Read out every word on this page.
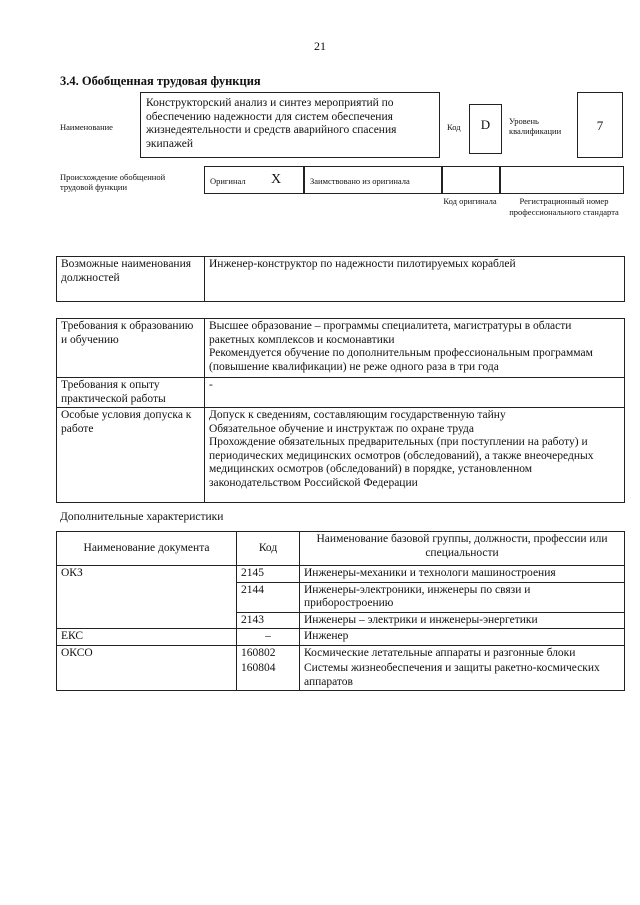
21
3.4. Обобщенная трудовая функция
Наименование
Конструкторский анализ и синтез мероприятий по обеспечению надежности для систем обеспечения жизнедеятельности и средств аварийного спасения экипажей
Код	D	Уровень квалификации	7
Происхождение обобщенной трудовой функции
Оригинал X	Заимствовано из оригинала
Код оригинала	Регистрационный номер профессионального стандарта
Возможные наименования должностей	Инженер-конструктор по надежности пилотируемых кораблей
Требования к образованию и обучению	Высшее образование – программы специалитета, магистратуры в области ракетных комплексов и космонавтики
Рекомендуется обучение по дополнительным профессиональным программам (повышение квалификации) не реже одного раза в три года

Требования к опыту практической работы	-
Особые условия допуска к работе	Допуск к сведениям, составляющим государственную тайну
Обязательное обучение и инструктаж по охране труда
Прохождение обязательных предварительных (при поступлении на работу) и периодических медицинских осмотров (обследований), а также внеочередных медицинских осмотров (обследований) в порядке, установленном законодательством Российской Федерации
Дополнительные характеристики
Наименование документа	Код	Наименование базовой группы, должности, профессии или специальности
ОКЗ	2145	Инженеры-механики и технологи машиностроения
	2144	Инженеры-электроники, инженеры по связи и приборостроению
	2143	Инженеры – электрики и инженеры-энергетики
ЕКС	–	Инженер
ОКСО	160802	Космические летательные аппараты и разгонные блоки
	160804	Системы жизнеобеспечения и защиты ракетно-космических аппаратов
